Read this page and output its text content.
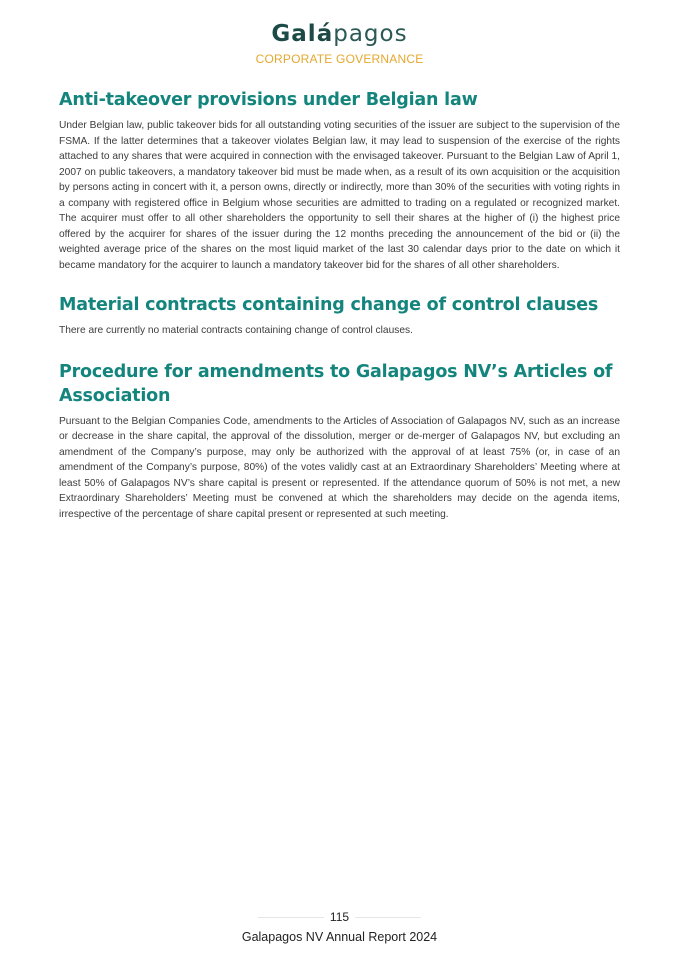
Galápagos
CORPORATE GOVERNANCE
Anti-takeover provisions under Belgian law

Under Belgian law, public takeover bids for all outstanding voting securities of the issuer are subject to the supervision of the FSMA. If the latter determines that a takeover violates Belgian law, it may lead to suspension of the exercise of the rights attached to any shares that were acquired in connection with the envisaged takeover. Pursuant to the Belgian Law of April 1, 2007 on public takeovers, a mandatory takeover bid must be made when, as a result of its own acquisition or the acquisition by persons acting in concert with it, a person owns, directly or indirectly, more than 30% of the securities with voting rights in a company with registered office in Belgium whose securities are admitted to trading on a regulated or recognized market. The acquirer must offer to all other shareholders the opportunity to sell their shares at the higher of (i) the highest price offered by the acquirer for shares of the issuer during the 12 months preceding the announcement of the bid or (ii) the weighted average price of the shares on the most liquid market of the last 30 calendar days prior to the date on which it became mandatory for the acquirer to launch a mandatory takeover bid for the shares of all other shareholders.

Material contracts containing change of control clauses

There are currently no material contracts containing change of control clauses.

Procedure for amendments to Galapagos NV’s Articles of Association

Pursuant to the Belgian Companies Code, amendments to the Articles of Association of Galapagos NV, such as an increase or decrease in the share capital, the approval of the dissolution, merger or de-merger of Galapagos NV, but excluding an amendment of the Company’s purpose, may only be authorized with the approval of at least 75% (or, in case of an amendment of the Company’s purpose, 80%) of the votes validly cast at an Extraordinary Shareholders’ Meeting where at least 50% of Galapagos NV’s share capital is present or represented. If the attendance quorum of 50% is not met, a new Extraordinary Shareholders’ Meeting must be convened at which the shareholders may decide on the agenda items, irrespective of the percentage of share capital present or represented at such meeting.

115
Galapagos NV Annual Report 2024
